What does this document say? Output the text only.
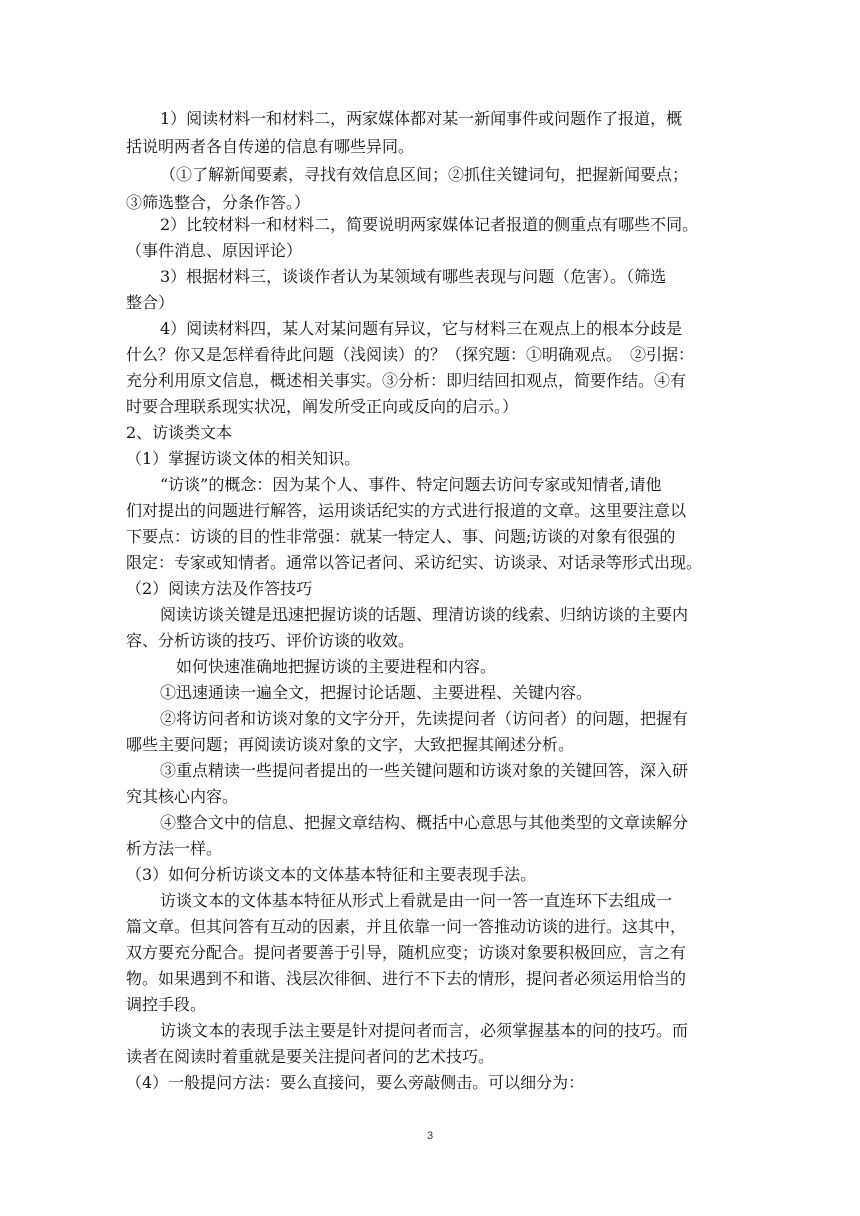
1）阅读材料一和材料二，两家媒体都对某一新闻事件或问题作了报道，概
括说明两者各自传递的信息有哪些异同。
（①了解新闻要素，寻找有效信息区间；②抓住关键词句，把握新闻要点；
③筛选整合，分条作答。）
2）比较材料一和材料二，简要说明两家媒体记者报道的侧重点有哪些不同。
（事件消息、原因评论）
3）根据材料三，谈谈作者认为某领域有哪些表现与问题（危害）。（筛选
整合）
4）阅读材料四，某人对某问题有异议，它与材料三在观点上的根本分歧是
什么？你又是怎样看待此问题（浅阅读）的？（探究题：①明确观点。　②引据：
充分利用原文信息，概述相关事实。③分析：即归结回扣观点，简要作结。④有
时要合理联系现实状况，阐发所受正向或反向的启示。）
2、访谈类文本
（1）掌握访谈文体的相关知识。
“访谈”的概念：因为某个人、事件、特定问题去访问专家或知情者,请他
们对提出的问题进行解答，运用谈话纪实的方式进行报道的文章。这里要注意以
下要点：访谈的目的性非常强：就某一特定人、事、问题;访谈的对象有很强的
限定：专家或知情者。通常以答记者问、采访纪实、访谈录、对话录等形式出现。
（2）阅读方法及作答技巧
阅读访谈关键是迅速把握访谈的话题、理清访谈的线索、归纳访谈的主要内
容、分析访谈的技巧、评价访谈的收效。
如何快速准确地把握访谈的主要进程和内容。
①迅速通读一遍全文，把握讨论话题、主要进程、关键内容。
②将访问者和访谈对象的文字分开，先读提问者（访问者）的问题，把握有
哪些主要问题；再阅读访谈对象的文字，大致把握其阐述分析。
③重点精读一些提问者提出的一些关键问题和访谈对象的关键回答，深入研
究其核心内容。
④整合文中的信息、把握文章结构、概括中心意思与其他类型的文章读解分
析方法一样。
（3）如何分析访谈文本的文体基本特征和主要表现手法。
访谈文本的文体基本特征从形式上看就是由一问一答一直连环下去组成一
篇文章。但其问答有互动的因素，并且依靠一问一答推动访谈的进行。这其中，
双方要充分配合。提问者要善于引导，随机应变；访谈对象要积极回应，言之有
物。如果遇到不和谐、浅层次徘徊、进行不下去的情形，提问者必须运用恰当的
调控手段。
访谈文本的表现手法主要是针对提问者而言，必须掌握基本的问的技巧。而
读者在阅读时着重就是要关注提问者问的艺术技巧。
（4）一般提问方法：要么直接问，要么旁敲侧击。可以细分为：
3
